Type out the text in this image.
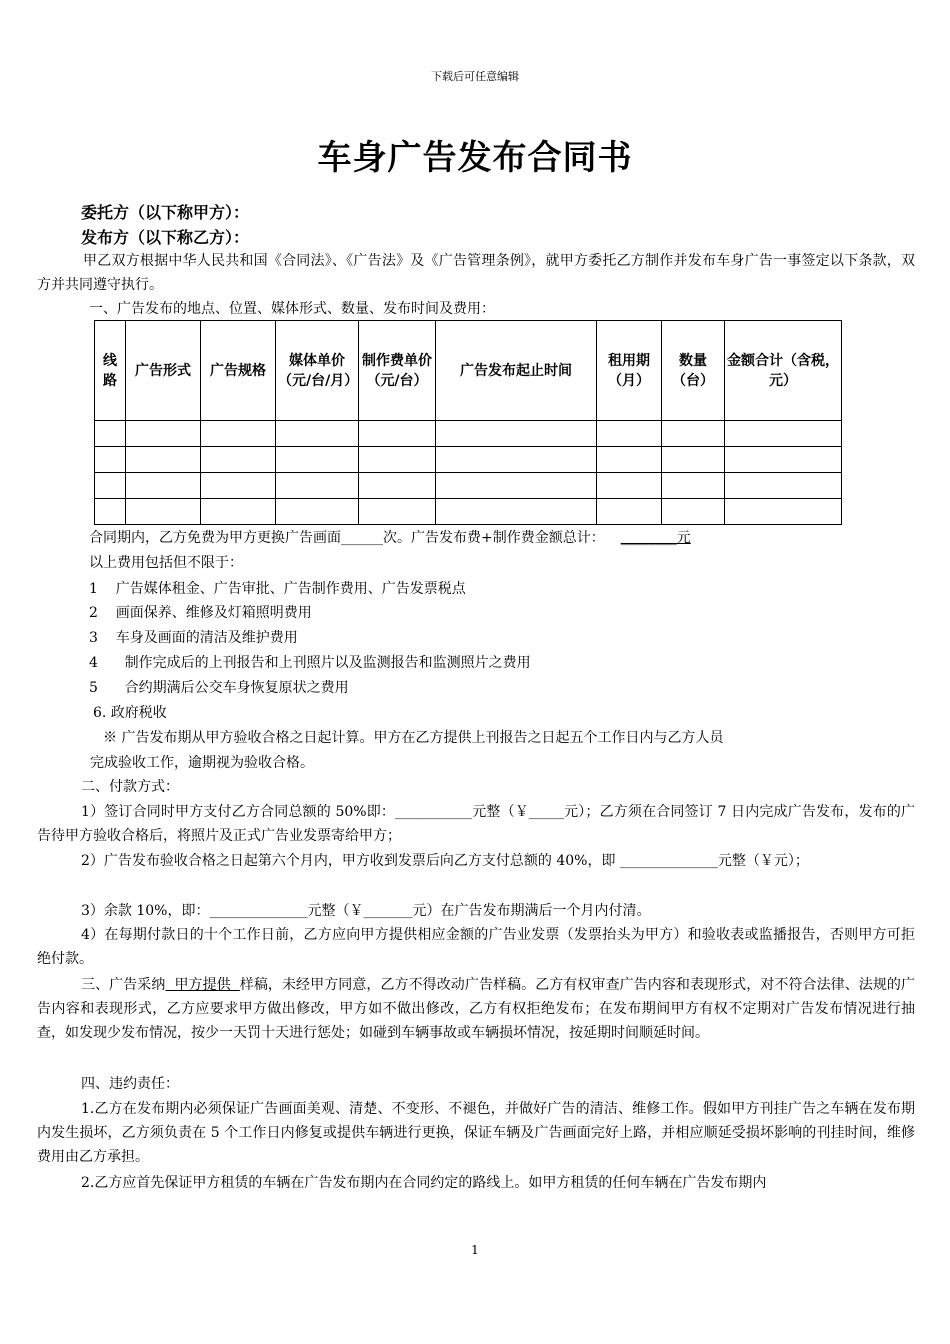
下载后可任意编辑
车身广告发布合同书
委托方（以下称甲方）：
发布方（以下称乙方）：
甲乙双方根据中华人民共和国《合同法》、《广告法》及《广告管理条例》，就甲方委托乙方制作并发布车身广告一事签定以下条款，双方并共同遵守执行。
一、广告发布的地点、位置、媒体形式、数量、发布时间及费用：
线路	广告形式	广告规格	媒体单价（元/台/月）	制作费单价（元/台）	广告发布起止时间	租用期（月）	数量（台）	金额合计（含税，元）

合同期内，乙方免费为甲方更换广告画面______次。广告发布费+制作费金额总计： ________元
以上费用包括但不限于：
1    广告媒体租金、广告审批、广告制作费用、广告发票税点
2    画面保养、维修及灯箱照明费用
3    车身及画面的清洁及维护费用
4      制作完成后的上刊报告和上刊照片以及监测报告和监测照片之费用
5      合约期满后公交车身恢复原状之费用
6. 政府税收
※ 广告发布期从甲方验收合格之日起计算。甲方在乙方提供上刊报告之日起五个工作日内与乙方人员
完成验收工作，逾期视为验收合格。
二、付款方式：
1）签订合同时甲方支付乙方合同总额的 50%即：___________元整（￥_____元）；乙方须在合同签订 7 日内完成广告发布，发布的广告待甲方验收合格后，将照片及正式广告业发票寄给甲方；
2）广告发布验收合格之日起第六个月内，甲方收到发票后向乙方支付总额的 40%，即 ______________元整（￥元）；
3）余款 10%，即：______________元整（￥_______元）在广告发布期满后一个月内付清。
4）在每期付款日的十个工作日前，乙方应向甲方提供相应金额的广告业发票（发票抬头为甲方）和验收表或监播报告，否则甲方可拒绝付款。
三、广告采纳  甲方提供  样稿，未经甲方同意，乙方不得改动广告样稿。乙方有权审查广告内容和表现形式，对不符合法律、法规的广告内容和表现形式，乙方应要求甲方做出修改，甲方如不做出修改，乙方有权拒绝发布；在发布期间甲方有权不定期对广告发布情况进行抽查，如发现少发布情况，按少一天罚十天进行惩处；如碰到车辆事故或车辆损坏情况，按延期时间顺延时间。
四、违约责任：
1.乙方在发布期内必须保证广告画面美观、清楚、不变形、不褪色，并做好广告的清洁、维修工作。假如甲方刊挂广告之车辆在发布期内发生损坏，乙方须负责在 5 个工作日内修复或提供车辆进行更换，保证车辆及广告画面完好上路，并相应顺延受损坏影响的刊挂时间，维修费用由乙方承担。
2.乙方应首先保证甲方租赁的车辆在广告发布期内在合同约定的路线上。如甲方租赁的任何车辆在广告发布期内
1
